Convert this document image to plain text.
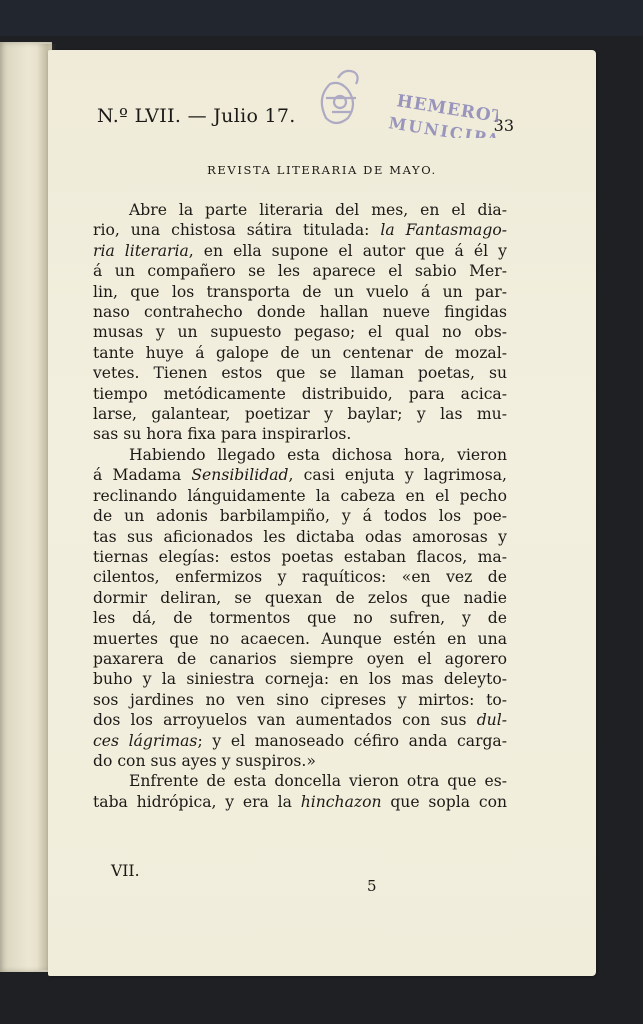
N.º LVII. — Julio 17.	33
REVISTA LITERARIA DE MAYO.
Abre la parte literaria del mes, en el dia-
rio, una chistosa sátira titulada: la Fantasmago-
ria literaria, en ella supone el autor que á él y
á un compañero se les aparece el sabio Mer-
lin, que los transporta de un vuelo á un par-
naso contrahecho donde hallan nueve fingidas
musas y un supuesto pegaso; el qual no obs-
tante huye á galope de un centenar de mozal-
vetes. Tienen estos que se llaman poetas, su
tiempo metódicamente distribuido, para acica-
larse, galantear, poetizar y baylar; y las mu-
sas su hora fixa para inspirarlos.
Habiendo llegado esta dichosa hora, vieron
á Madama Sensibilidad, casi enjuta y lagrimosa,
reclinando lánguidamente la cabeza en el pecho
de un adonis barbilampiño, y á todos los poe-
tas sus aficionados les dictaba odas amorosas y
tiernas elegías: estos poetas estaban flacos, ma-
cilentos, enfermizos y raquíticos: «en vez de
dormir deliran, se quexan de zelos que nadie
les dá, de tormentos que no sufren, y de
muertes que no acaecen. Aunque estén en una
paxarera de canarios siempre oyen el agorero
buho y la siniestra corneja: en los mas deleyto-
sos jardines no ven sino cipreses y mirtos: to-
dos los arroyuelos van aumentados con sus dul-
ces lágrimas; y el manoseado céfiro anda carga-
do con sus ayes y suspiros.»
Enfrente de esta doncella vieron otra que es-
taba hidrópica, y era la hinchazon que sopla con
VII.
5
HEMEROTECA
MUNICIPAL
